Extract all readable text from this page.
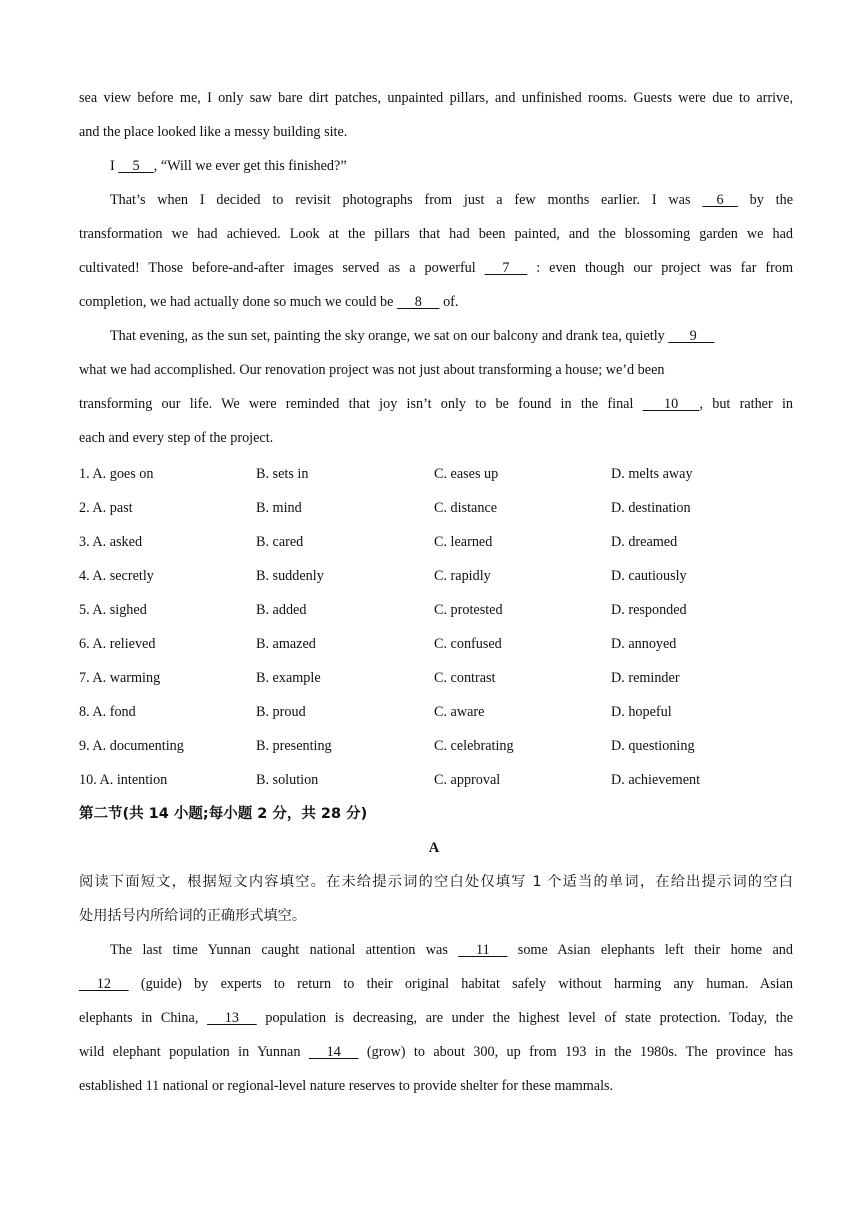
sea view before me, I only saw bare dirt patches, unpainted pillars, and unfinished rooms. Guests were due to arrive,
and the place looked like a messy building site.
I     5    , “Will we ever get this finished?”
That’s when I decided to revisit photographs from just a few months earlier. I was     6     by the
transformation we had achieved. Look at the pillars that had been painted, and the blossoming garden we had
cultivated! Those before-and-after images served as a powerful      7      : even though our project was far from
completion, we had actually done so much we could be      8      of.
That evening, as the sun set, painting the sky orange, we sat on our balcony and drank tea, quietly       9
what we had accomplished. Our renovation project was not just about transforming a house; we’d been
transforming our life. We were reminded that joy isn’t only to be found in the final       10      , but rather in
each and every step of the project.
1. A. goes on	B. sets in	C. eases up	D. melts away
2. A. past	B. mind	C. distance	D. destination
3. A. asked	B. cared	C. learned	D. dreamed
4. A. secretly	B. suddenly	C. rapidly	D. cautiously
5. A. sighed	B. added	C. protested	D. responded
6. A. relieved	B. amazed	C. confused	D. annoyed
7. A. warming	B. example	C. contrast	D. reminder
8. A. fond	B. proud	C. aware	D. hopeful
9. A. documenting	B. presenting	C. celebrating	D. questioning
10. A. intention	B. solution	C. approval	D. achievement
第二节(共 14 小题;每小题 2 分，共 28 分)
A
阅读下面短文，根据短文内容填空。在未给提示词的空白处仅填写 1 个适当的单词，在给出提示词的空白
处用括号内所给词的正确形式填空。
The last time Yunnan caught national attention was      11      some Asian elephants left their home and
12      (guide) by experts to return to their original habitat safely without harming any human. Asian
elephants in China,      13      population is decreasing, are under the highest level of state protection. Today, the
wild elephant population in Yunnan      14      (grow) to about 300, up from 193 in the 1980s. The province has
established 11 national or regional-level nature reserves to provide shelter for these mammals.
